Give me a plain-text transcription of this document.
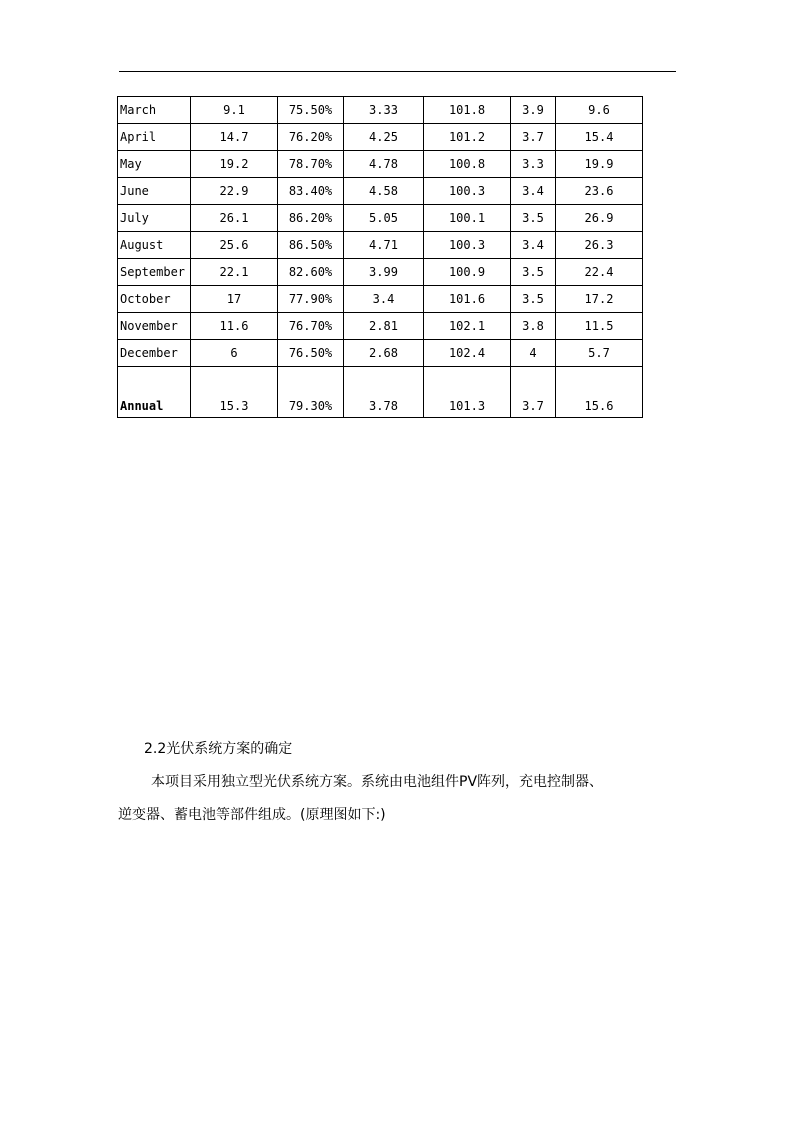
March	9.1	75.50%	3.33	101.8	3.9	9.6
April	14.7	76.20%	4.25	101.2	3.7	15.4
May	19.2	78.70%	4.78	100.8	3.3	19.9
June	22.9	83.40%	4.58	100.3	3.4	23.6
July	26.1	86.20%	5.05	100.1	3.5	26.9
August	25.6	86.50%	4.71	100.3	3.4	26.3
September	22.1	82.60%	3.99	100.9	3.5	22.4
October	17	77.90%	3.4	101.6	3.5	17.2
November	11.6	76.70%	2.81	102.1	3.8	11.5
December	6	76.50%	2.68	102.4	4	5.7
Annual	15.3	79.30%	3.78	101.3	3.7	15.6
2.2光伏系统方案的确定
本项目采用独立型光伏系统方案。系统由电池组件PV阵列，充电控制器、
逆变器、蓄电池等部件组成。(原理图如下:)
